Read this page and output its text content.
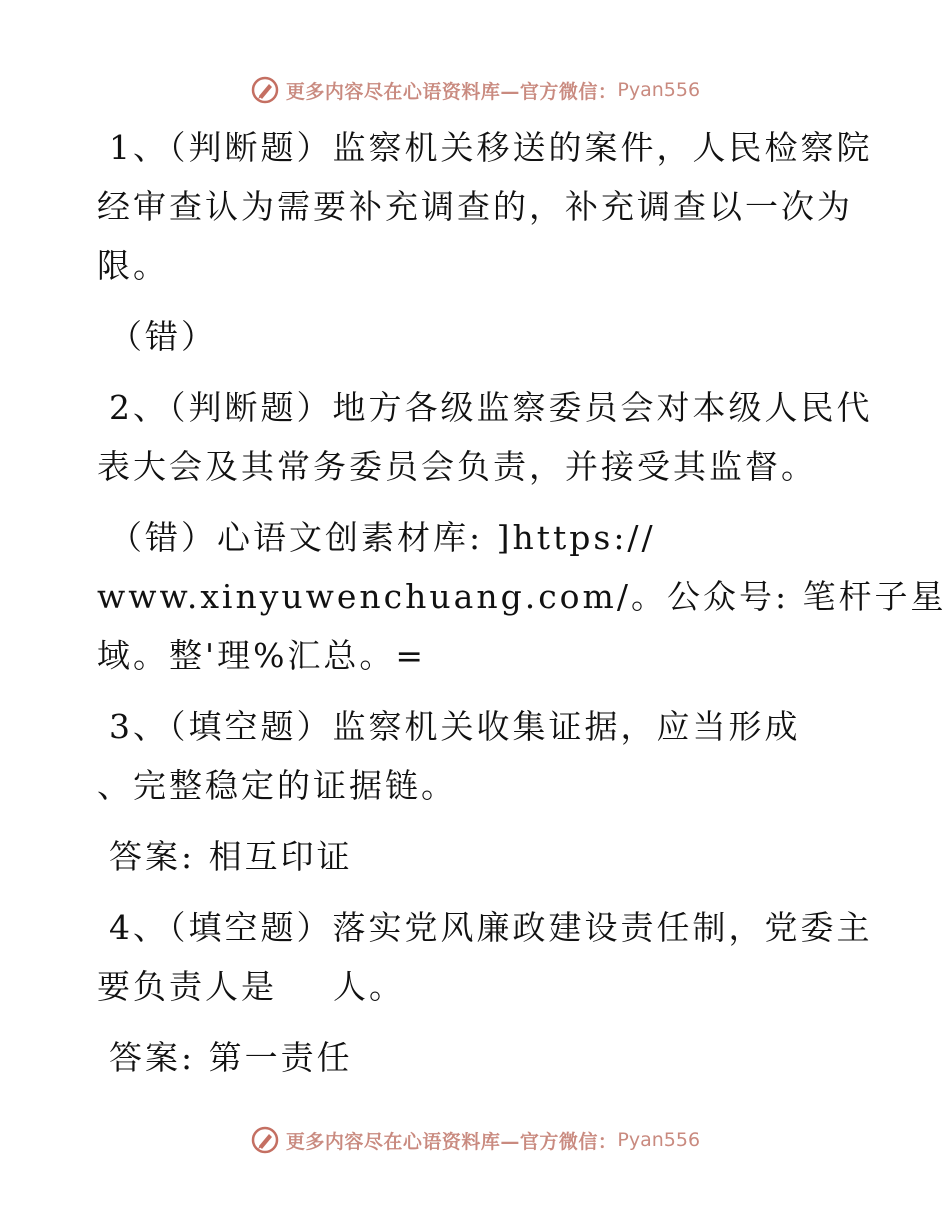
更多内容尽在心语资料库—官方微信： Pyan556
1、（判断题）监察机关移送的案件，人民检察院
经审查认为需要补充调查的，补充调查以一次为
限。
（错）
2、（判断题）地方各级监察委员会对本级人民代
表大会及其常务委员会负责，并接受其监督。
（错）心语文创素材库: ]https://
www.xinyuwenchuang.com/。公众号: 笔杆子星
域。整'理%汇总。=
3、（填空题）监察机关收集证据，应当形成
、完整稳定的证据链。
答案: 相互印证
4、（填空题）落实党风廉政建设责任制，党委主
要负责人是 人。
答案: 第一责任
更多内容尽在心语资料库—官方微信： Pyan556
